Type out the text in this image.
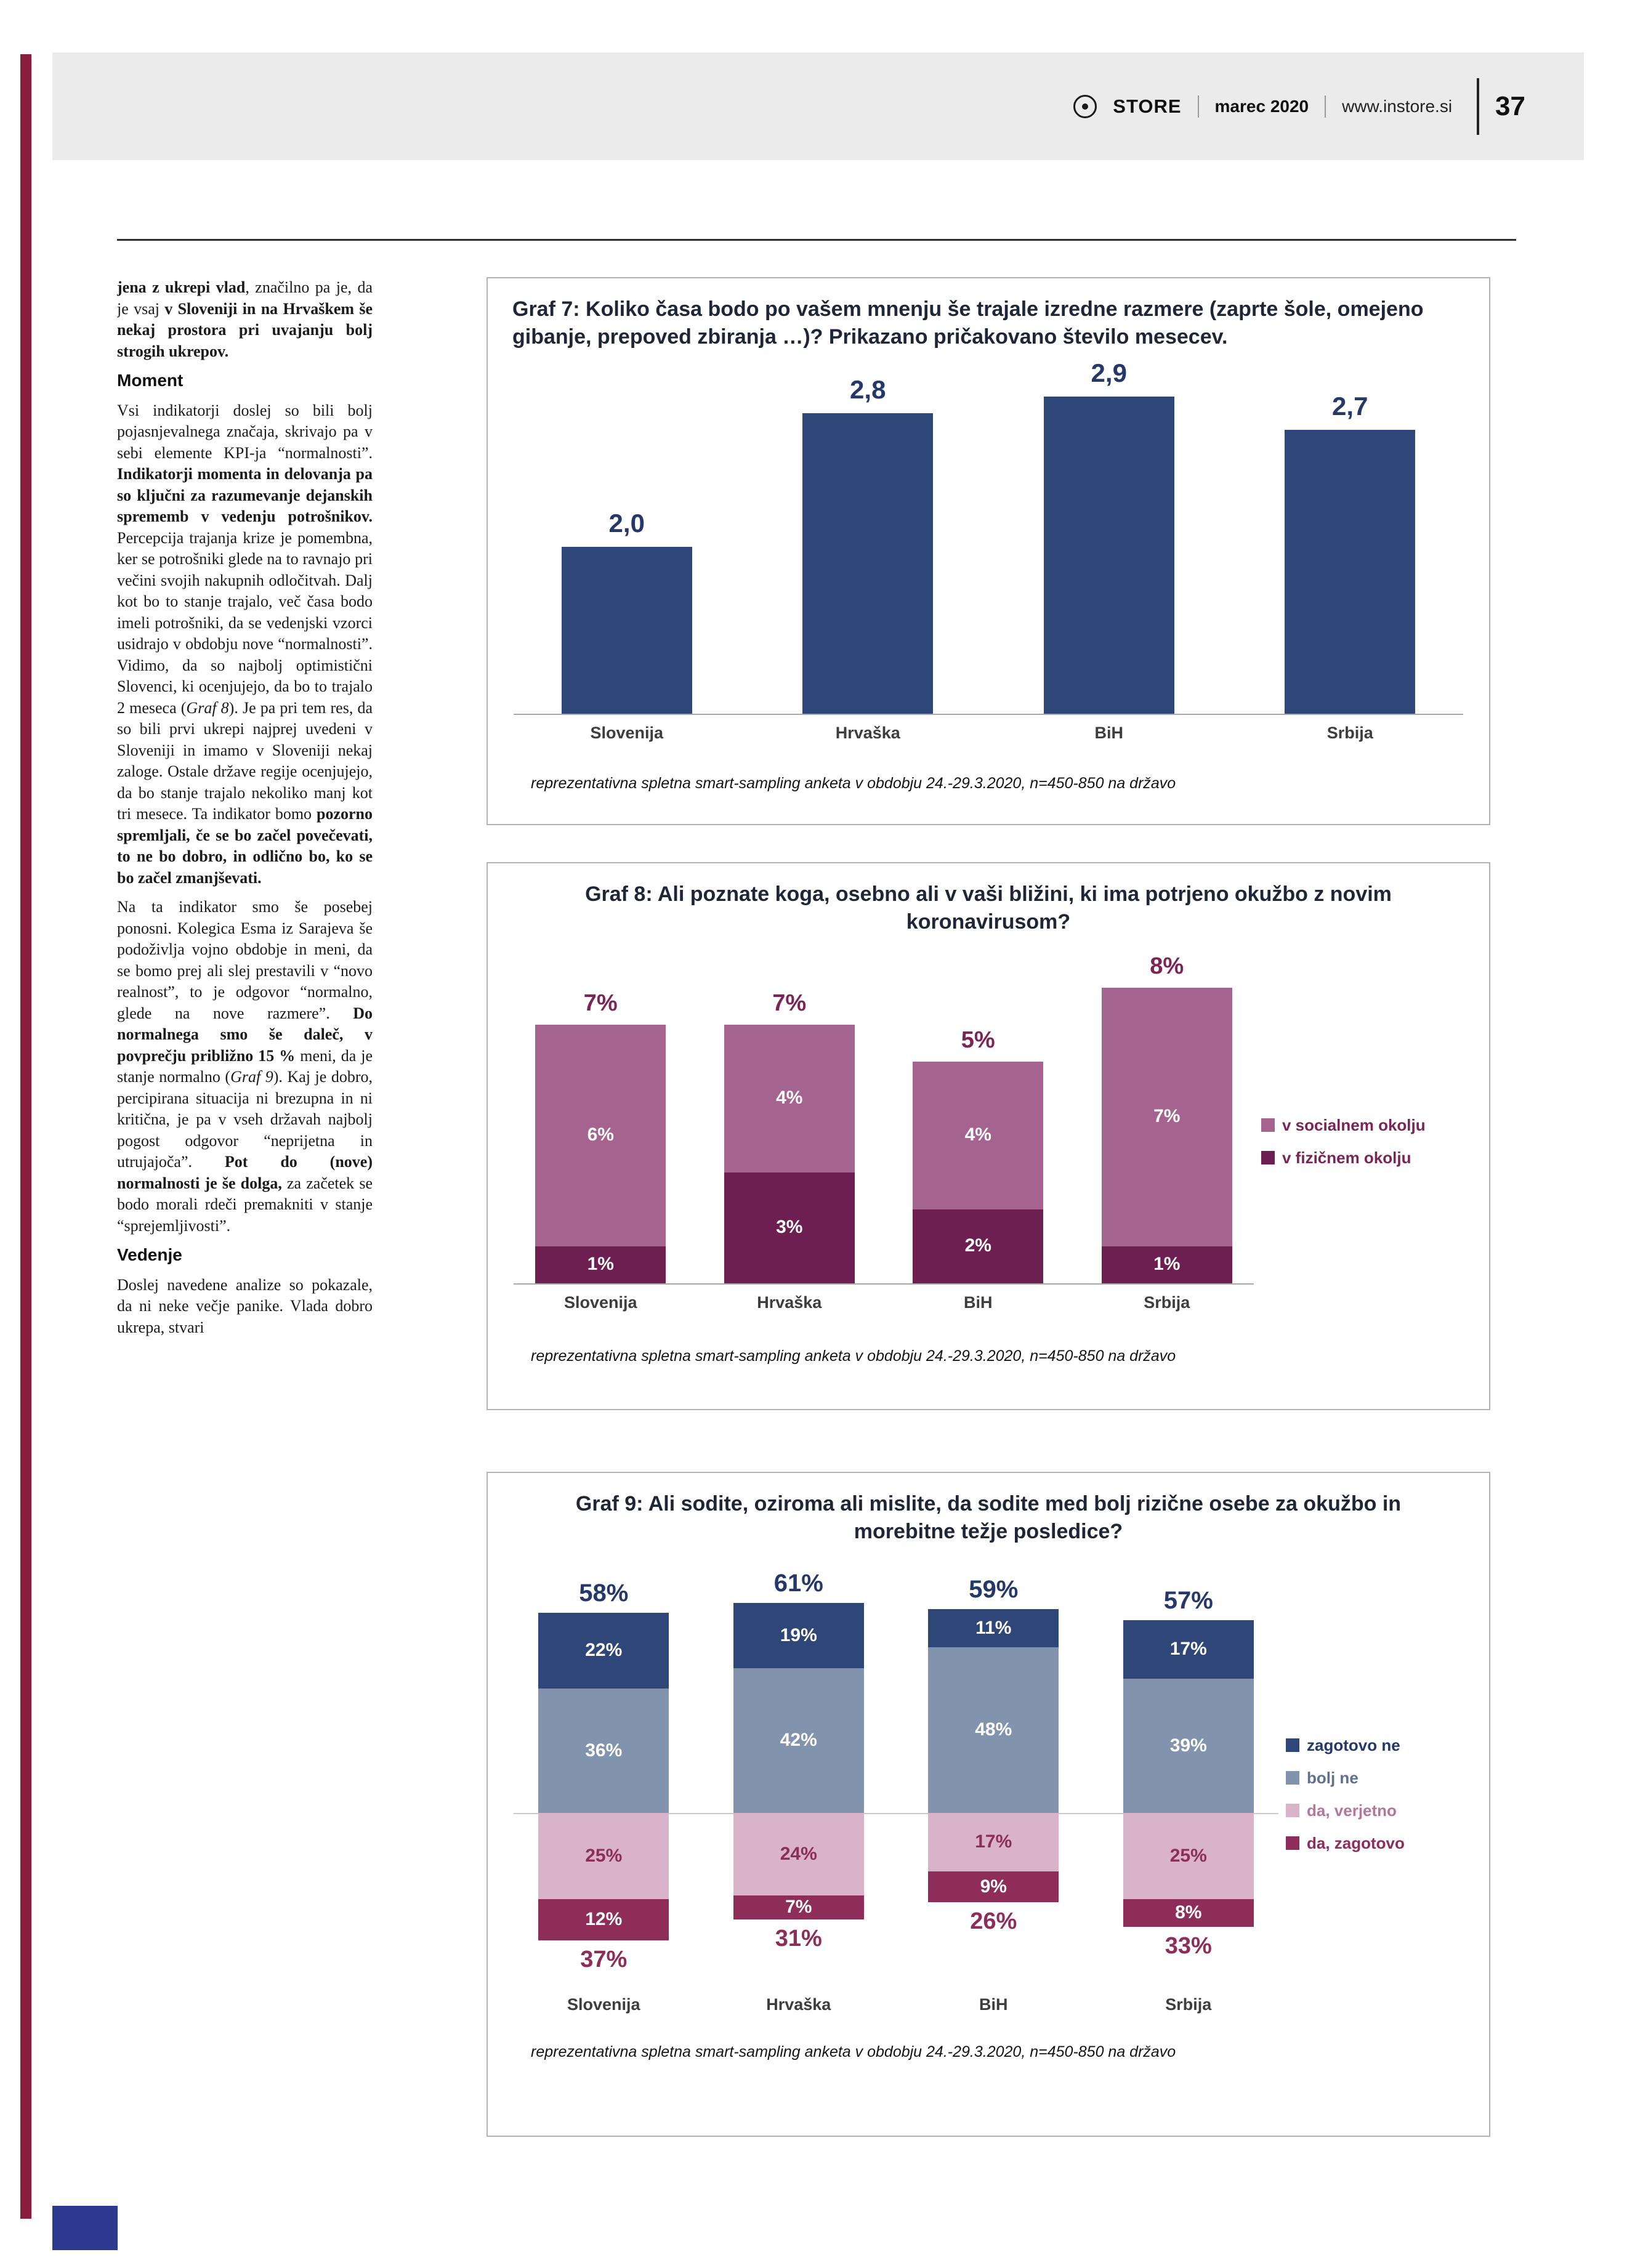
STORE marec 2020 www.instore.si 37

jena z ukrepi vlad, značilno pa je, da je vsaj v Sloveniji in na Hrvaškem še nekaj prostora pri uvajanju bolj strogih ukrepov.

Moment

Vsi indikatorji doslej so bili bolj pojasnjevalnega značaja, skrivajo pa v sebi elemente KPI-ja “normalnosti”. Indikatorji momenta in delovanja pa so ključni za razumevanje dejanskih sprememb v vedenju potrošnikov. Percepcija trajanja krize je pomembna, ker se potrošniki glede na to ravnajo pri večini svojih nakupnih odločitvah. Dalj kot bo to stanje trajalo, več časa bodo imeli potrošniki, da se vedenjski vzorci usidrajo v obdobju nove “normalnosti”. Vidimo, da so najbolj optimistični Slovenci, ki ocenjujejo, da bo to trajalo 2 meseca (Graf 8). Je pa pri tem res, da so bili prvi ukrepi najprej uvedeni v Sloveniji in imamo v Sloveniji nekaj zaloge. Ostale države regije ocenjujejo, da bo stanje trajalo nekoliko manj kot tri mesece. Ta indikator bomo pozorno spremljali, če se bo začel povečevati, to ne bo dobro, in odlično bo, ko se bo začel zmanjševati.

Na ta indikator smo še posebej ponosni. Kolegica Esma iz Sarajeva še podoživlja vojno obdobje in meni, da se bomo prej ali slej prestavili v “novo realnost”, to je odgovor “normalno, glede na nove razmere”. Do normalnega smo še daleč, v povprečju približno 15 % meni, da je stanje normalno (Graf 9). Kaj je dobro, percipirana situacija ni brezupna in ni kritična, je pa v vseh državah najbolj pogost odgovor “neprijetna in utrujajoča”. Pot do (nove) normalnosti je še dolga, za začetek se bodo morali rdeči premakniti v stanje “sprejemljivosti”.

Vedenje

Doslej navedene analize so pokazale, da ni neke večje panike. Vlada dobro ukrepa, stvari

Graf 7: Koliko časa bodo po vašem mnenju še trajale izredne razmere (zaprte šole, omejeno gibanje, prepoved zbiranja …)? Prikazano pričakovano število mesecev.
2,0
Slovenija
2,8
Hrvaška
2,9
BiH
2,7
Srbija
reprezentativna spletna smart-sampling anketa v obdobju 24.-29.3.2020, n=450-850 na državo
Graf 8: Ali poznate koga, osebno ali v vaši bližini, ki ima potrjeno okužbo z novim koronavirusom?
1%
6%
7%
Slovenija
3%
4%
7%
Hrvaška
2%
4%
5%
BiH
1%
7%
8%
Srbija
v socialnem okolju
v fizičnem okolju
reprezentativna spletna smart-sampling anketa v obdobju 24.-29.3.2020, n=450-850 na državo
Graf 9: Ali sodite, oziroma ali mislite, da sodite med bolj rizične osebe za okužbo in morebitne težje posledice?
36%
22%
58%
25%
12%
37%
Slovenija
42%
19%
61%
24%
7%
31%
Hrvaška
48%
11%
59%
17%
9%
26%
BiH
39%
17%
57%
25%
8%
33%
Srbija
zagotovo ne
bolj ne
da, verjetno
da, zagotovo
reprezentativna spletna smart-sampling anketa v obdobju 24.-29.3.2020, n=450-850 na državo
